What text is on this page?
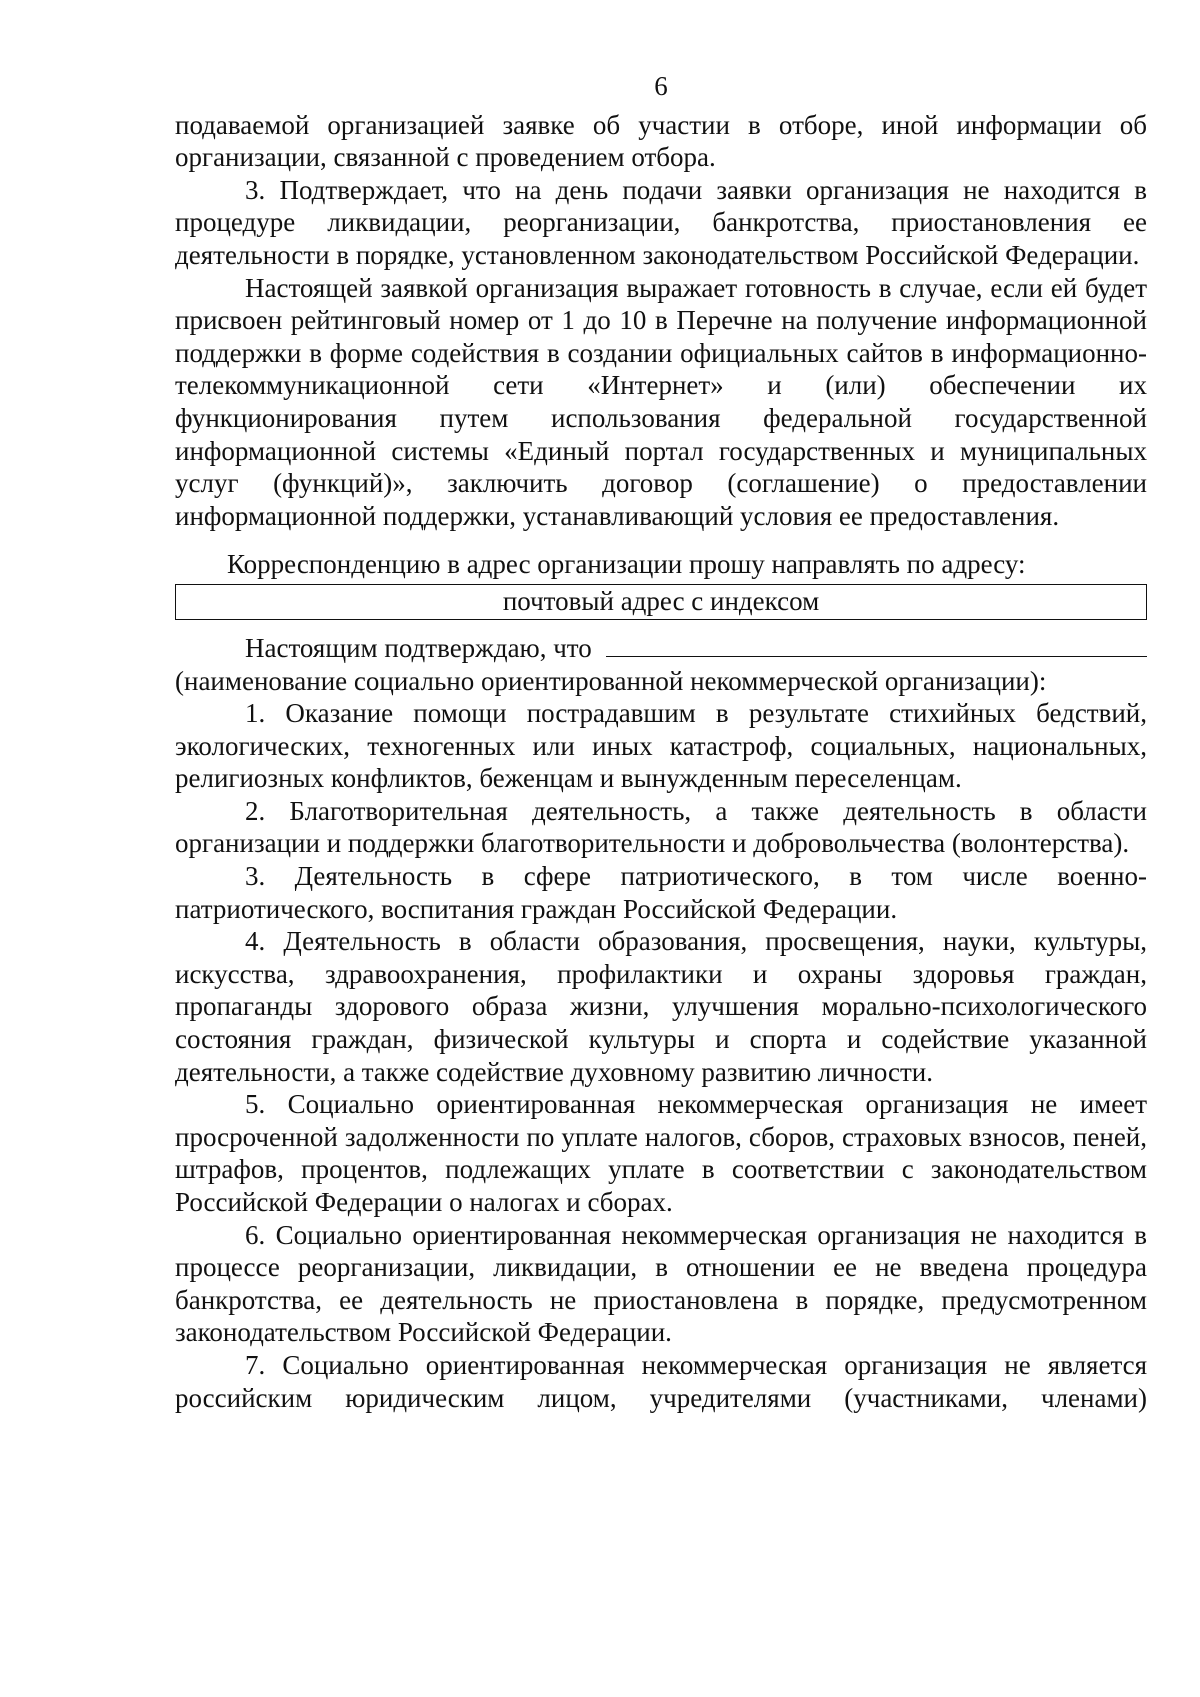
6

подаваемой организацией заявке об участии в отборе, иной информации об организации, связанной с проведением отбора.

3. Подтверждает, что на день подачи заявки организация не находится в процедуре ликвидации, реорганизации, банкротства, приостановления ее деятельности в порядке, установленном законодательством Российской Федерации.

Настоящей заявкой организация выражает готовность в случае, если ей будет присвоен рейтинговый номер от 1 до 10 в Перечне на получение информационной поддержки в форме содействия в создании официальных сайтов в информационно-телекоммуникационной сети «Интернет» и (или) обеспечении их функционирования путем использования федеральной государственной информационной системы «Единый портал государственных и муниципальных услуг (функций)», заключить договор (соглашение) о предоставлении информационной поддержки, устанавливающий условия ее предоставления.

Корреспонденцию в адрес организации прошу направлять по адресу:

почтовый адрес с индексом
Настоящим подтверждаю, что

(наименование социально ориентированной некоммерческой организации):

1. Оказание помощи пострадавшим в результате стихийных бедствий, экологических, техногенных или иных катастроф, социальных, национальных, религиозных конфликтов, беженцам и вынужденным переселенцам.

2. Благотворительная деятельность, а также деятельность в области организации и поддержки благотворительности и добровольчества (волонтерства).

3. Деятельность в сфере патриотического, в том числе военно-патриотического, воспитания граждан Российской Федерации.

4. Деятельность в области образования, просвещения, науки, культуры, искусства, здравоохранения, профилактики и охраны здоровья граждан, пропаганды здорового образа жизни, улучшения морально-психологического состояния граждан, физической культуры и спорта и содействие указанной деятельности, а также содействие духовному развитию личности.

5. Социально ориентированная некоммерческая организация не имеет просроченной задолженности по уплате налогов, сборов, страховых взносов, пеней, штрафов, процентов, подлежащих уплате в соответствии с законодательством Российской Федерации о налогах и сборах.

6. Социально ориентированная некоммерческая организация не находится в процессе реорганизации, ликвидации, в отношении ее не введена процедура банкротства, ее деятельность не приостановлена в порядке, предусмотренном законодательством Российской Федерации.

7. Социально ориентированная некоммерческая организация не является российским юридическим лицом, учредителями (участниками, членами)
